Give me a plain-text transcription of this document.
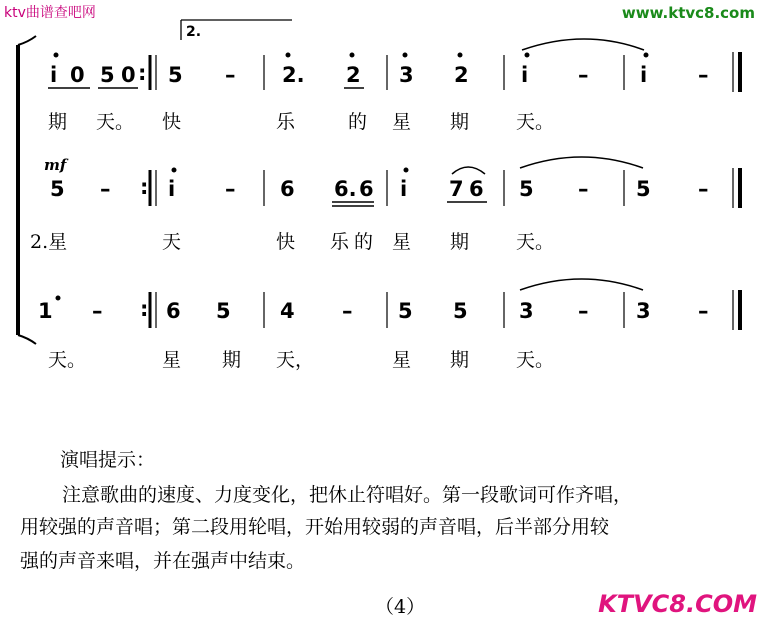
ktv曲谱查吧网	www.ktvc8.com
KTVC8.COM
2.
mf
i 0 5 0 : 5 – 2. 2 3 2 i – i –
期 天。 快	乐	的 星 期 天。
5 – : i – 6 6. 6 i 7 6 5 – 5 –
2.星	天	快 乐 的 星 期 天。
1 – : 6 5 4 – 5 5 3 – 3 –
天。	星 期 天，	星 期 天。
演唱提示：
注意歌曲的速度、力度变化，把休止符唱好。第一段歌词可作齐唱，
用较强的声音唱；第二段用轮唱，开始用较弱的声音唱，后半部分用较
强的声音来唱，并在强声中结束。
（4）
